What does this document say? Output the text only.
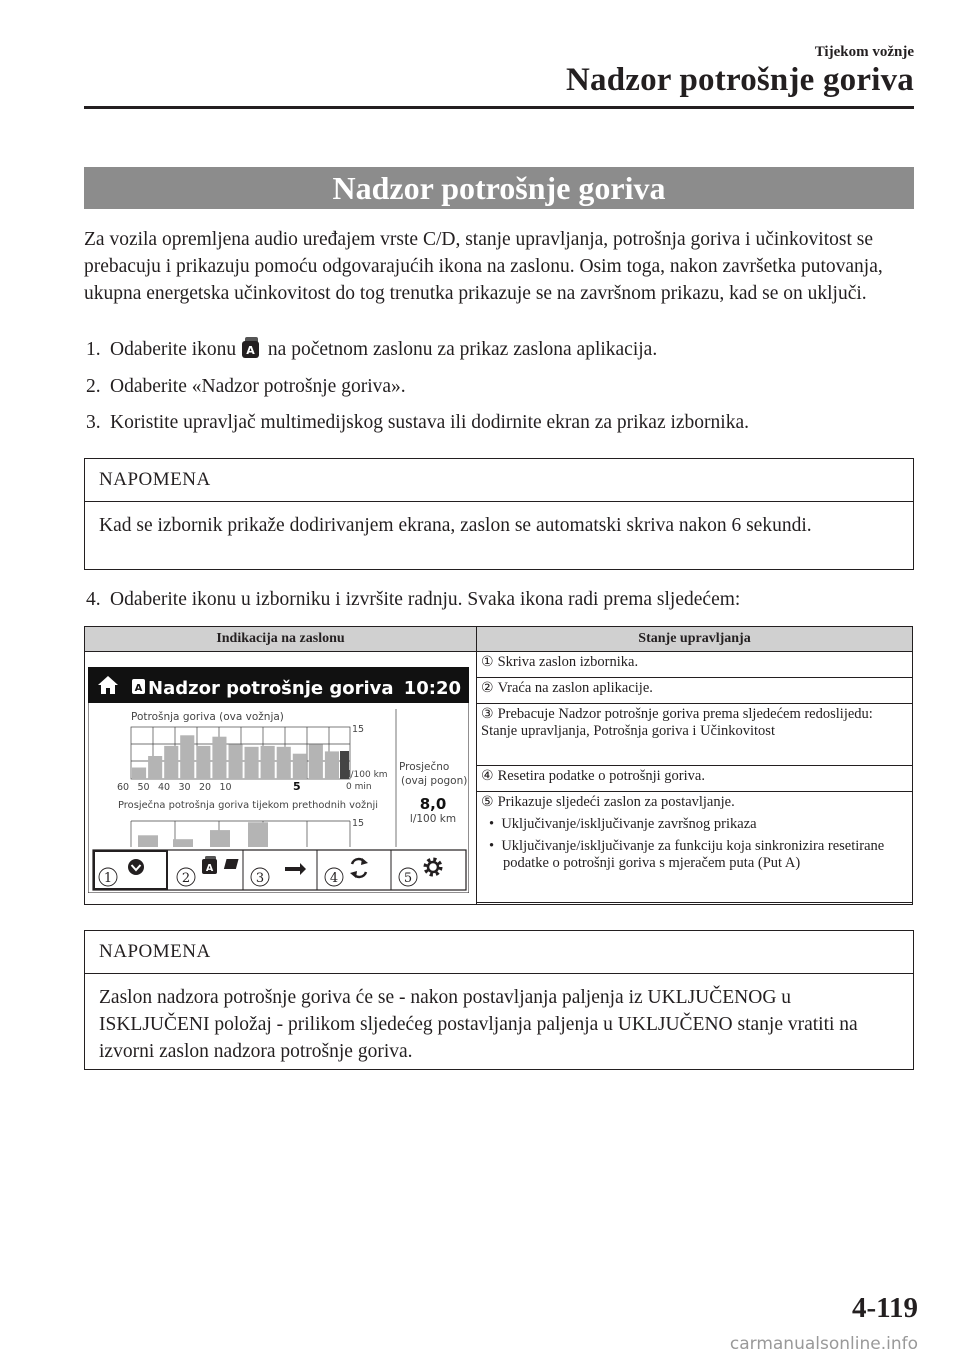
Tijekom vožnje
Nadzor potrošnje goriva
Nadzor potrošnje goriva

Za vozila opremljena audio uređajem vrste C/D, stanje upravljanja, potrošnja goriva i učinkovitost se prebacuju i prikazuju pomoću odgovarajućih ikona na zaslonu. Osim toga, nakon završetka putovanja, ukupna energetska učinkovitost do tog trenutka prikazuje se na završnom prikazu, kad se on uključi.

1. Odaberite ikonu A na početnom zaslonu za prikaz zaslona aplikacija.
2. Odaberite «Nadzor potrošnje goriva».
3. Koristite upravljač multimedijskog sustava ili dodirnite ekran za prikaz izbornika.
NAPOMENA
Kad se izbornik prikaže dodirivanjem ekrana, zaslon se automatski skriva nakon 6 sekundi.
4. Odaberite ikonu u izborniku i izvršite radnju. Svaka ikona radi prema sljedećem:
Indikacija na zaslonu	Stanje upravljanja
① Skriva zaslon izbornika.
② Vraća na zaslon aplikacije.
③ Prebacuje Nadzor potrošnje goriva prema sljedećem redoslijedu: Stanje upravljanja, Potrošnja goriva i Učinkovitost
④ Resetira podatke o potrošnji goriva.
⑤ Prikazuje sljedeći zaslon za postavljanje.
•  Uključivanje/isključivanje završnog prikaza
•  Uključivanje/isključivanje za funkciju koja sinkronizira resetirane podatke o potrošnji goriva s mjeračem puta (Put A)
A Nadzor potrošnje goriva 10:20
Potrošnja goriva (ova vožnja)
15
l/100 km
0 min
60 50 40 30 20 10	5
Prosječna potrošnja goriva tijekom prethodnih vožnji
15
Prosječno
(ovaj pogon)
8,0
l/100 km
1	2
A
3	4	5
NAPOMENA
Zaslon nadzora potrošnje goriva će se - nakon postavljanja paljenja iz UKLJUČENOG u ISKLJUČENI položaj - prilikom sljedećeg postavljanja paljenja u UKLJUČENO stanje vratiti na izvorni zaslon nadzora potrošnje goriva.
4-119
carmanualsonline.info
